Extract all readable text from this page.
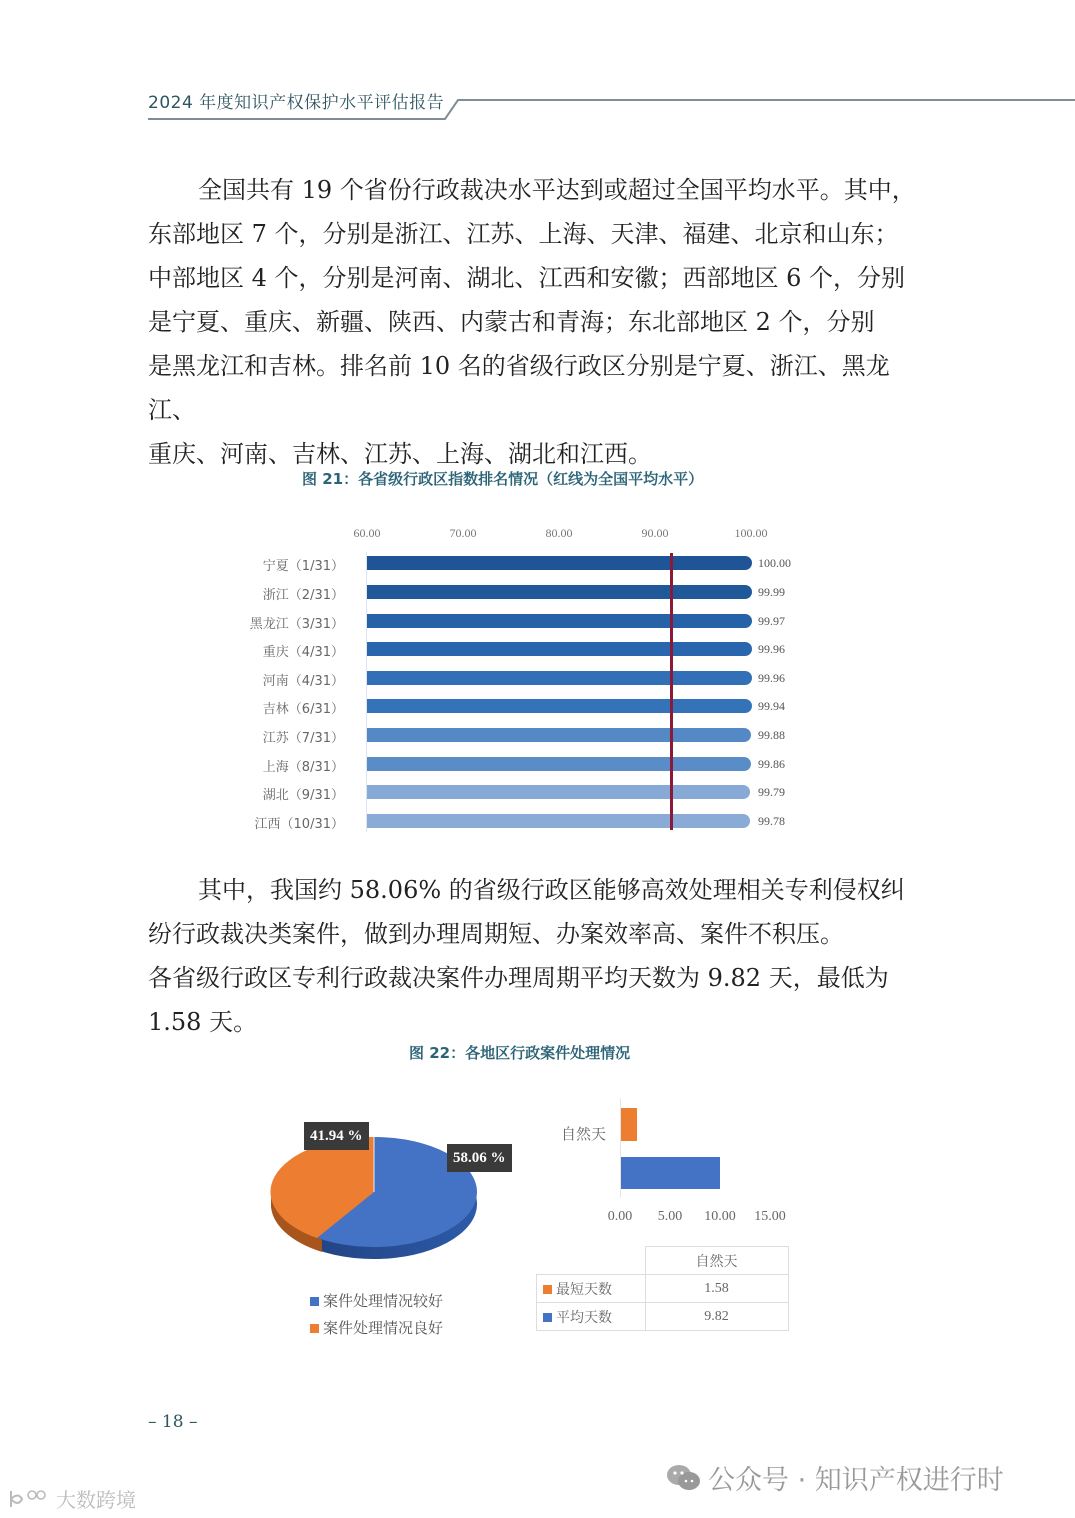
2024 年度知识产权保护水平评估报告

全国共有 19 个省份行政裁决水平达到或超过全国平均水平。其中，

东部地区 7 个，分别是浙江、江苏、上海、天津、福建、北京和山东；

中部地区 4 个，分别是河南、湖北、江西和安徽；西部地区 6 个，分别

是宁夏、重庆、新疆、陕西、内蒙古和青海；东北部地区 2 个，分别

是黑龙江和吉林。排名前 10 名的省级行政区分别是宁夏、浙江、黑龙江、

重庆、河南、吉林、江苏、上海、湖北和江西。

图 21：各省级行政区指数排名情况（红线为全国平均水平）
60.00	70.00	80.00	90.00	100.00
宁夏（1/31）	100.00
浙江（2/31）	99.99
黑龙江（3/31）	99.97
重庆（4/31）	99.96
河南（4/31）	99.96
吉林（6/31）	99.94
江苏（7/31）	99.88
上海（8/31）	99.86
湖北（9/31）	99.79
江西（10/31）	99.78

其中，我国约 58.06% 的省级行政区能够高效处理相关专利侵权纠

纷行政裁决类案件，做到办理周期短、办案效率高、案件不积压。

各省级行政区专利行政裁决案件办理周期平均天数为 9.82 天，最低为

1.58 天。

图 22：各地区行政案件处理情况
41.94 %
58.06 %
案件处理情况较好
案件处理情况良好
自然天
0.00 5.00 10.00 15.00
	自然天
最短天数	1.58
平均天数	9.82
– 18 –
公众号 · 知识产权进行时
大数跨境
